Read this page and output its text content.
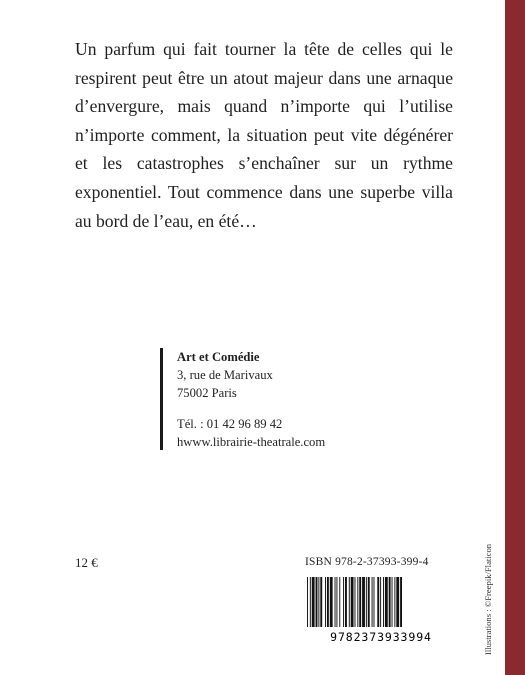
Un parfum qui fait tourner la tête de celles qui le respirent peut être un atout majeur dans une arnaque d’envergure, mais quand n’importe qui l’utilise n’importe comment, la situation peut vite dégénérer et les catastrophes s’enchaîner sur un rythme exponentiel. Tout commence dans une superbe villa au bord de l’eau, en été…

Art et Comédie
3, rue de Marivaux
75002 Paris
Tél. : 01 42 96 89 42
hwww.librairie-theatrale.com
12 €	ISBN 978-2-37393-399-4
9782373933994	Illustrations : ©Freepik/Flaticon
